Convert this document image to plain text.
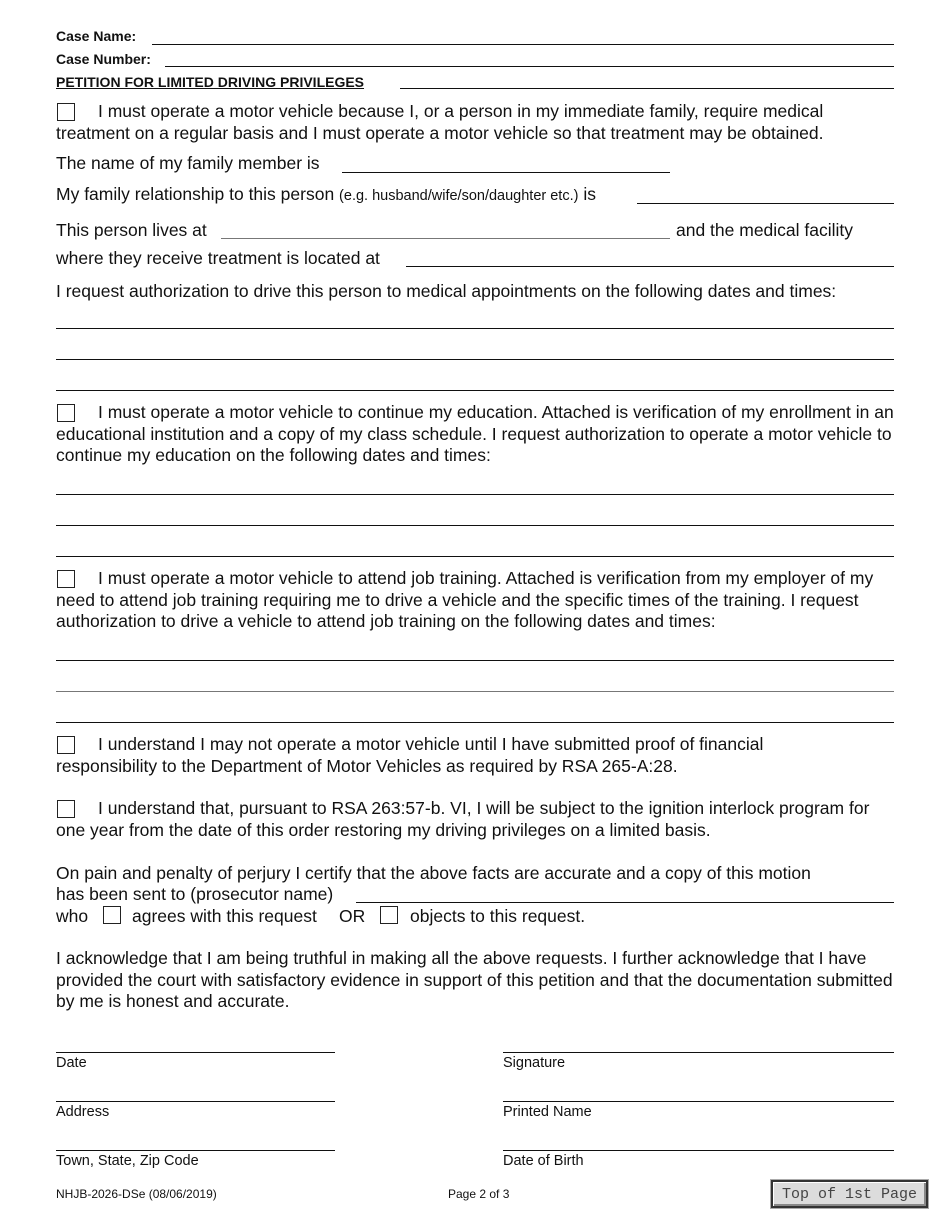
Case Name:
Case Number:
PETITION FOR LIMITED DRIVING PRIVILEGES
I must operate a motor vehicle because I, or a person in my immediate family, require medical treatment on a regular basis and I must operate a motor vehicle so that treatment may be obtained.
The name of my family member is
My family relationship to this person (e.g. husband/wife/son/daughter etc.) is
This person lives at	and the medical facility
where they receive treatment is located at
I request authorization to drive this person to medical appointments on the following dates and times:
I must operate a motor vehicle to continue my education. Attached is verification of my enrollment in an educational institution and a copy of my class schedule. I request authorization to operate a motor vehicle to continue my education on the following dates and times:
I must operate a motor vehicle to attend job training. Attached is verification from my employer of my need to attend job training requiring me to drive a vehicle and the specific times of the training. I request authorization to drive a vehicle to attend job training on the following dates and times:
I understand I may not operate a motor vehicle until I have submitted proof of financial responsibility to the Department of Motor Vehicles as required by RSA 265-A:28.
I understand that, pursuant to RSA 263:57-b. VI, I will be subject to the ignition interlock program for one year from the date of this order restoring my driving privileges on a limited basis.
On pain and penalty of perjury I certify that the above facts are accurate and a copy of this motion
has been sent to (prosecutor name)
who	agrees with this request OR	objects to this request.
I acknowledge that I am being truthful in making all the above requests. I further acknowledge that I have provided the court with satisfactory evidence in support of this petition and that the documentation submitted by me is honest and accurate.
Date	Signature
Address	Printed Name
Town, State, Zip Code	Date of Birth
NHJB-2026-DSe (08/06/2019)	Page 2 of 3	Top of 1st Page
